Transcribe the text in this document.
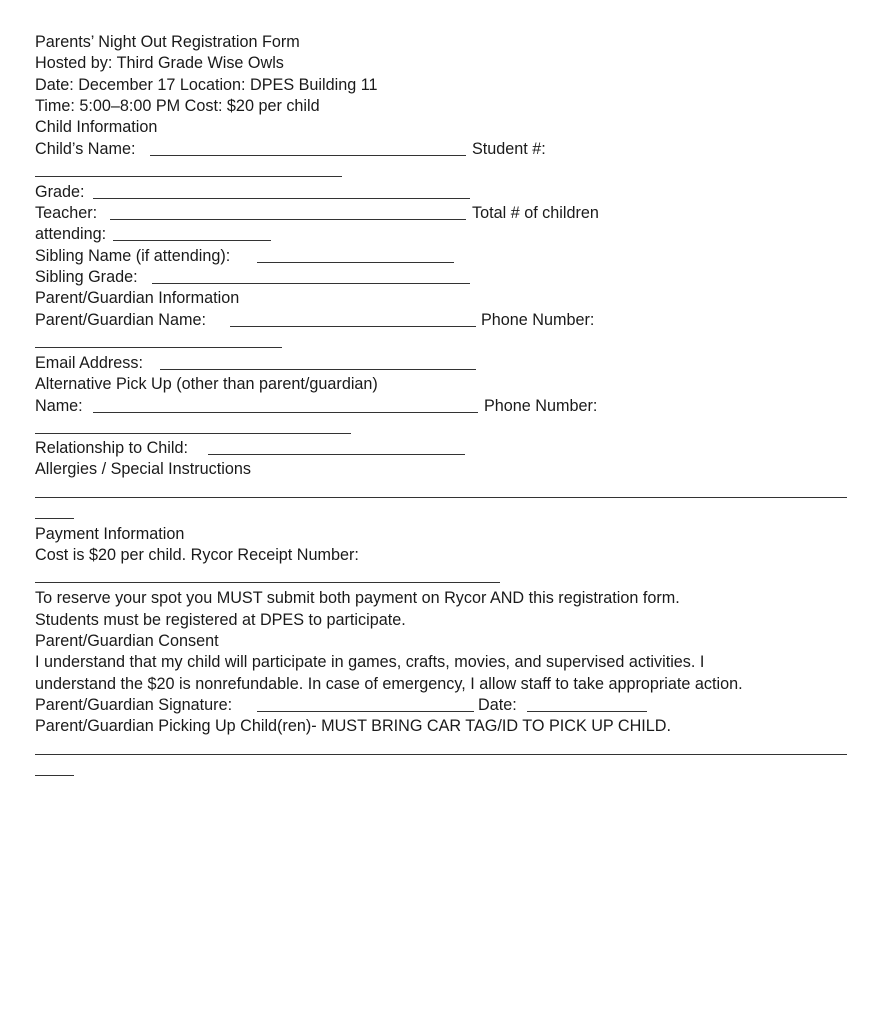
Parents’ Night Out Registration Form
Hosted by: Third Grade Wise Owls
Date: December 17 Location: DPES Building 11
Time: 5:00–8:00 PM Cost: $20 per child
Child Information
Child’s Name:	Student #:
Grade:
Teacher:	Total # of children
attending:
Sibling Name (if attending):
Sibling Grade:
Parent/Guardian Information
Parent/Guardian Name:	Phone Number:
Email Address:
Alternative Pick Up (other than parent/guardian)
Name:	Phone Number:
Relationship to Child:
Allergies / Special Instructions
Payment Information
Cost is $20 per child. Rycor Receipt Number:
To reserve your spot you MUST submit both payment on Rycor AND this registration form.
Students must be registered at DPES to participate.
Parent/Guardian Consent
I understand that my child will participate in games, crafts, movies, and supervised activities. I
understand the $20 is nonrefundable. In case of emergency, I allow staff to take appropriate action.
Parent/Guardian Signature:	Date:
Parent/Guardian Picking Up Child(ren)- MUST BRING CAR TAG/ID TO PICK UP CHILD.
